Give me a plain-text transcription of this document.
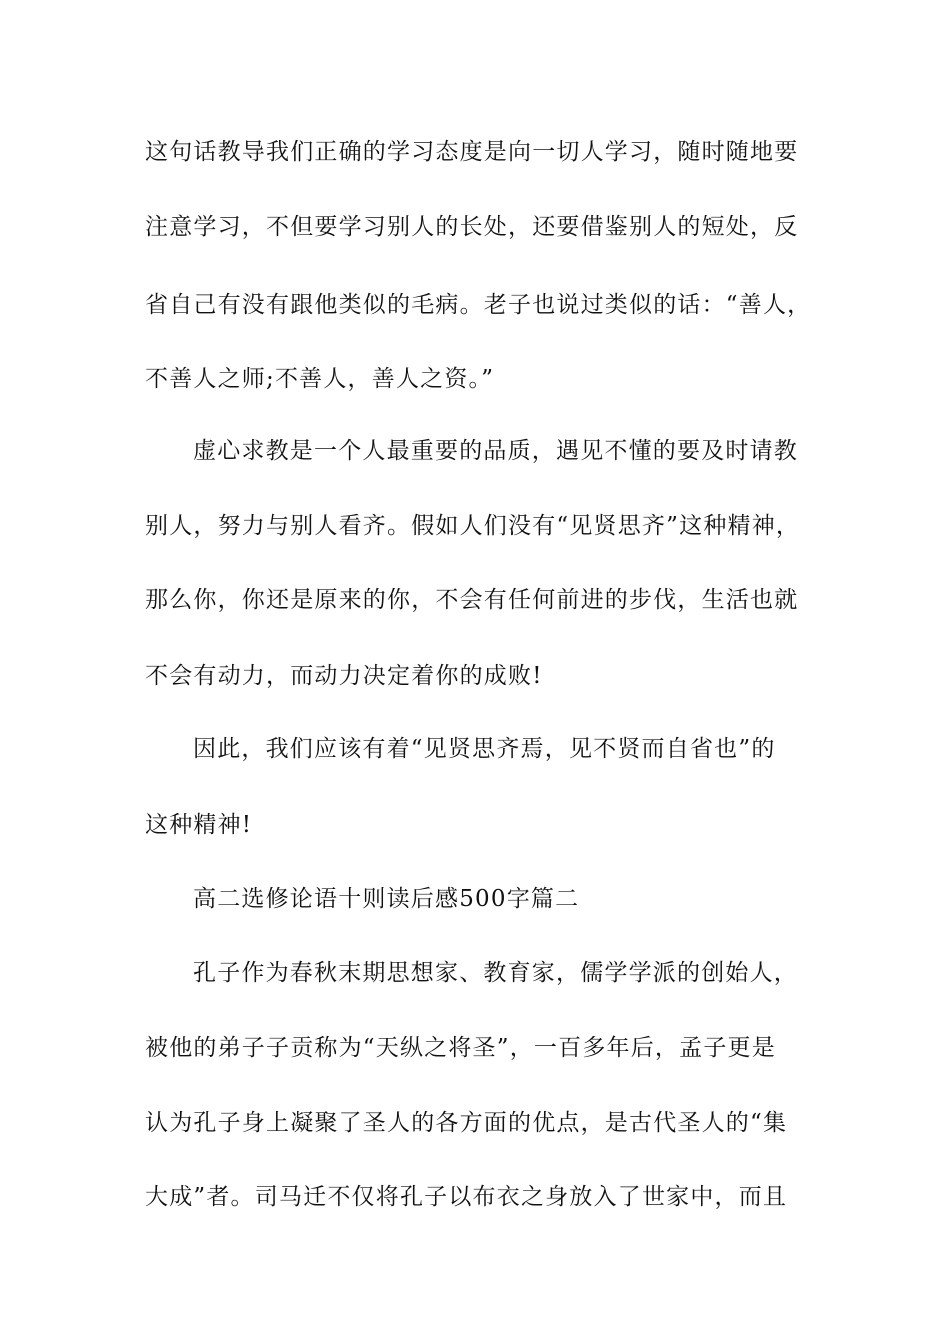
这句话教导我们正确的学习态度是向一切人学习，随时随地要
注意学习，不但要学习别人的长处，还要借鉴别人的短处，反
省自己有没有跟他类似的毛病。老子也说过类似的话：“善人，
不善人之师;不善人，善人之资。”
虚心求教是一个人最重要的品质，遇见不懂的要及时请教
别人，努力与别人看齐。假如人们没有“见贤思齐”这种精神，
那么你，你还是原来的你，不会有任何前进的步伐，生活也就
不会有动力，而动力决定着你的成败!
因此，我们应该有着“见贤思齐焉，见不贤而自省也”的
这种精神!
高二选修论语十则读后感500字篇二
孔子作为春秋末期思想家、教育家，儒学学派的创始人，
被他的弟子子贡称为“天纵之将圣”，一百多年后，孟子更是
认为孔子身上凝聚了圣人的各方面的优点，是古代圣人的“集
大成”者。司马迁不仅将孔子以布衣之身放入了世家中，而且
